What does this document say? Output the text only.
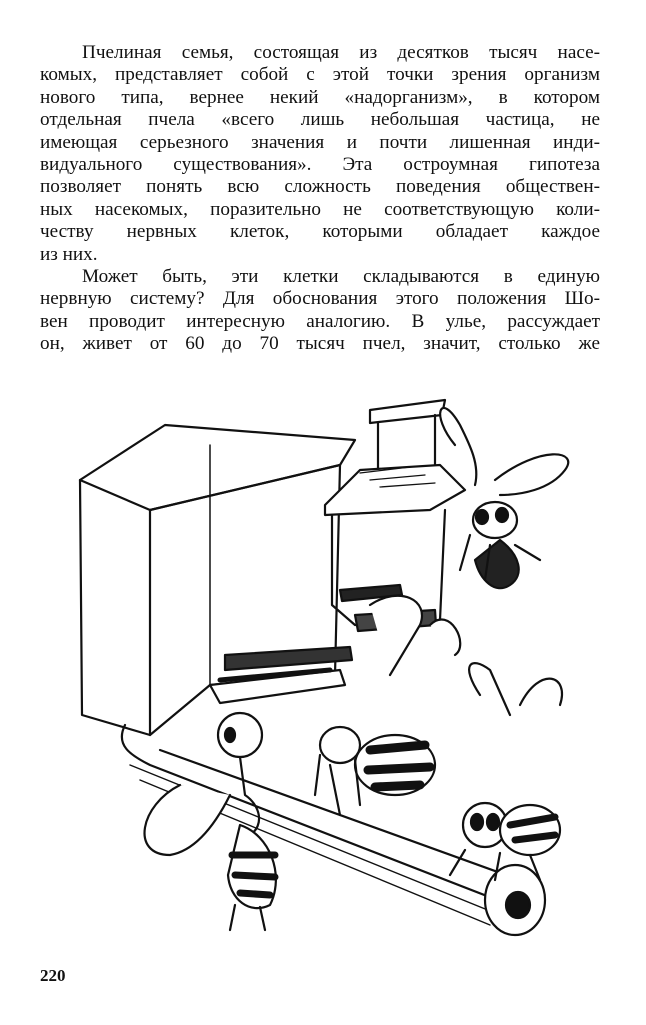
Пчелиная семья, состоящая из десятков тысяч насе-
комых, представляет собой с этой точки зрения организм
нового типа, вернее некий «надорганизм», в котором
отдельная пчела «всего лишь небольшая частица, не
имеющая серьезного значения и почти лишенная инди-
видуального существования». Эта остроумная гипотеза
позволяет понять всю сложность поведения обществен-
ных насекомых, поразительно не соответствующую коли-
честву нервных клеток, которыми обладает каждое
из них.
Может быть, эти клетки складываются в единую
нервную систему? Для обоснования этого положения Шо-
вен проводит интересную аналогию. В улье, рассуждает
он, живет от 60 до 70 тысяч пчел, значит, столько же
220
